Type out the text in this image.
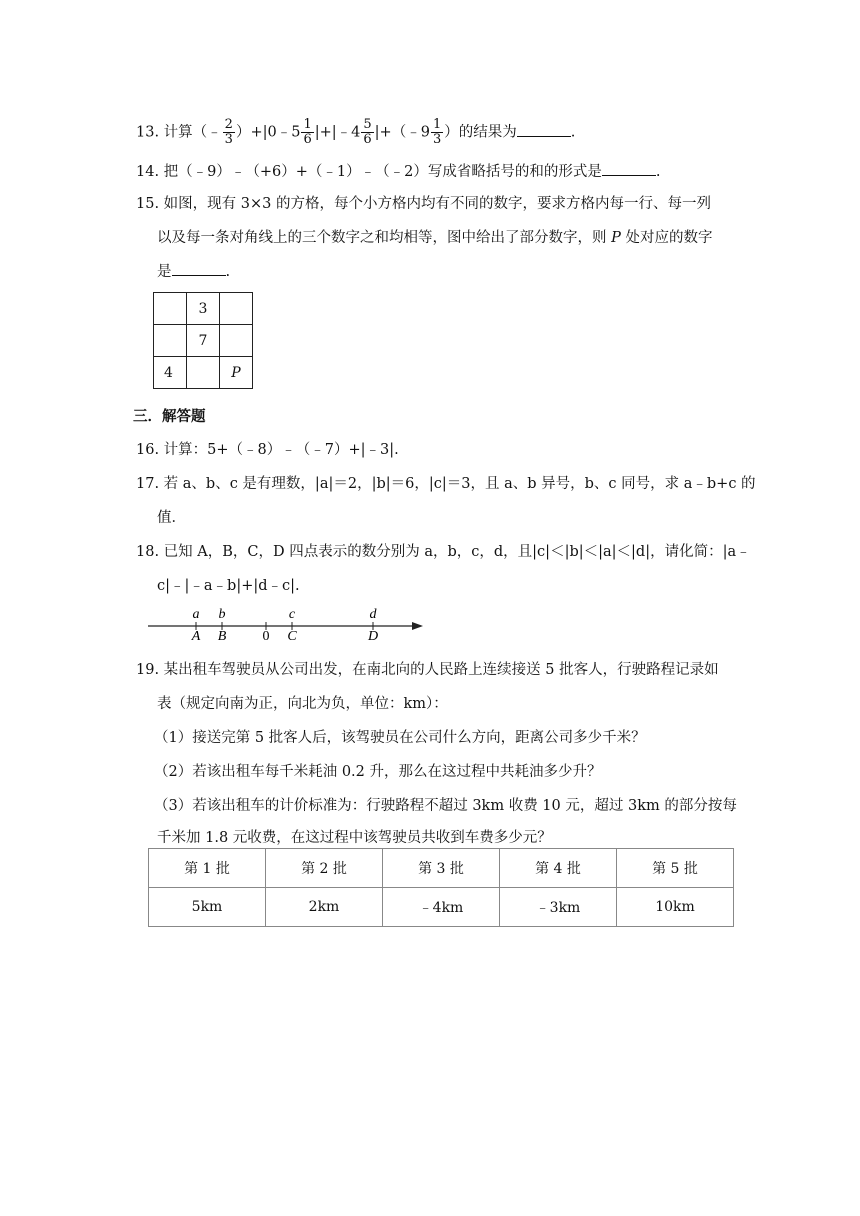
13. 计算（﹣ $\frac{2}{3}$ ）+|0﹣5 $\frac{1}{6}$ |+|﹣4 $\frac{5}{6}$ |+（﹣9 $\frac{1}{3}$ ）的结果为	.
14. 把（﹣9）﹣（+6）+（﹣1）﹣（﹣2）写成省略括号的和的形式是	.
15. 如图，现有 3×3 的方格，每个小方格内均有不同的数字，要求方格内每一行、每一列
以及每一条对角线上的三个数字之和均相等，图中给出了部分数字，则 P 处对应的数字
是	.
	3	
	7	
4		P
三．解答题
16. 计算：5+（﹣8）﹣（﹣7）+|﹣3|.
17. 若 a、b、c 是有理数，|a|＝2，|b|＝6，|c|＝3，且 a、b 异号，b、c 同号，求 a﹣b+c 的
值．
18. 已知 A，B，C，D 四点表示的数分别为 a，b，c，d，且|c|＜|b|＜|a|＜|d|，请化简：|a﹣
c|﹣|﹣a﹣b|+|d﹣c|.
a b	c	d
A B	0 C	D
19. 某出租车驾驶员从公司出发，在南北向的人民路上连续接送 5 批客人，行驶路程记录如
表（规定向南为正，向北为负，单位：km）：
（1）接送完第 5 批客人后，该驾驶员在公司什么方向，距离公司多少千米？
（2）若该出租车每千米耗油 0.2 升，那么在这过程中共耗油多少升？
（3）若该出租车的计价标准为：行驶路程不超过 3km 收费 10 元，超过 3km 的部分按每
千米加 1.8 元收费，在这过程中该驾驶员共收到车费多少元？
第 1 批	第 2 批	第 3 批	第 4 批	第 5 批
5km	2km	﹣4km	﹣3km	10km
